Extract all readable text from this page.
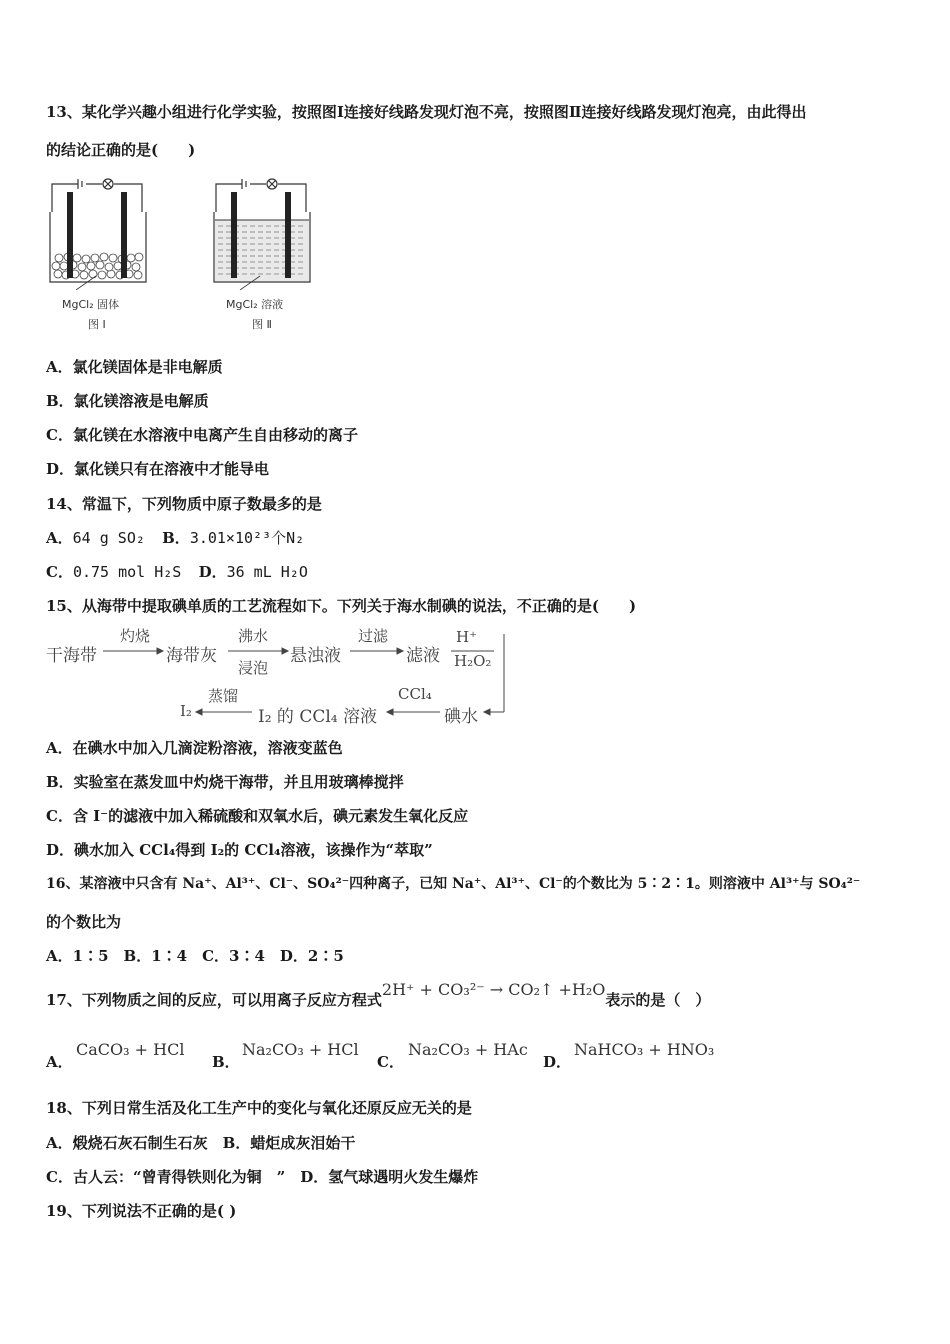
13、某化学兴趣小组进行化学实验，按照图Ⅰ连接好线路发现灯泡不亮，按照图Ⅱ连接好线路发现灯泡亮，由此得出
的结论正确的是(　　)
MgCl₂ 固体
图 Ⅰ
MgCl₂ 溶液
图 Ⅱ
A．氯化镁固体是非电解质
B．氯化镁溶液是电解质
C．氯化镁在水溶液中电离产生自由移动的离子
D．氯化镁只有在溶液中才能导电
14、常温下，下列物质中原子数最多的是
A．64 g SO₂ B．3.01×10²³个N₂
C．0.75 mol H₂S D．36 mL H₂O
15、从海带中提取碘单质的工艺流程如下。下列关于海水制碘的说法，不正确的是(　　)
干海带
灼烧
海带灰
沸水
浸泡
悬浊液
过滤
滤液
H⁺
H₂O₂
碘水
CCl₄
I₂ 的 CCl₄ 溶液
蒸馏
I₂
A．在碘水中加入几滴淀粉溶液，溶液变蓝色
B．实验室在蒸发皿中灼烧干海带，并且用玻璃棒搅拌
C．含 I⁻的滤液中加入稀硫酸和双氧水后，碘元素发生氧化反应
D．碘水加入 CCl₄得到 I₂的 CCl₄溶液，该操作为“萃取”
16、某溶液中只含有 Na⁺、Al³⁺、Cl⁻、SO₄²⁻四种离子，已知 Na⁺、Al³⁺、Cl⁻的个数比为 5∶2∶1。则溶液中 Al³⁺与 SO₄²⁻
的个数比为
A．1∶5　B．1∶4　C．3∶4　D．2∶5
17、下列物质之间的反应，可以用离子反应方程式2H⁺ + CO₃²⁻ → CO₂↑ +H₂O表示的是（　）
A．
CaCO₃ + HCl
B．
Na₂CO₃ + HCl
C．
Na₂CO₃ + HAc
D．
NaHCO₃ + HNO₃
18、下列日常生活及化工生产中的变化与氧化还原反应无关的是
A．煅烧石灰石制生石灰　B．蜡炬成灰泪始干
C．古人云：“曾青得铁则化为铜　”　D．氢气球遇明火发生爆炸
19、下列说法不正确的是( )
